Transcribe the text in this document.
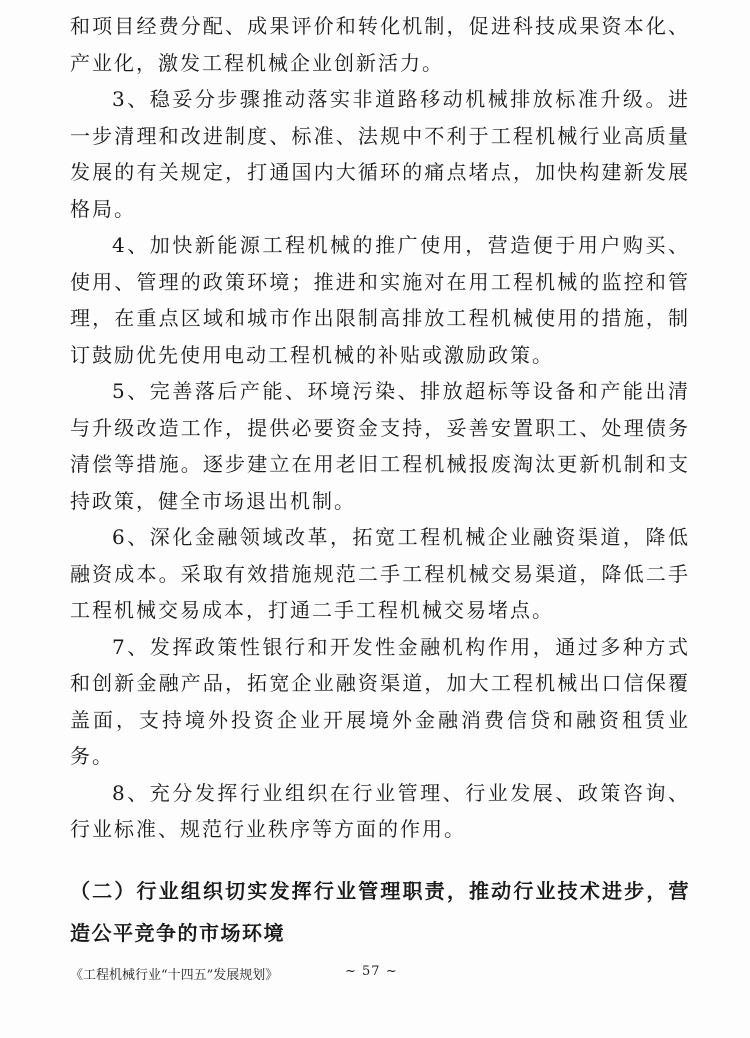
和项目经费分配、成果评价和转化机制，促进科技成果资本化、产业化，激发工程机械企业创新活力。

3、稳妥分步骤推动落实非道路移动机械排放标准升级。进一步清理和改进制度、标准、法规中不利于工程机械行业高质量发展的有关规定，打通国内大循环的痛点堵点，加快构建新发展格局。

4、加快新能源工程机械的推广使用，营造便于用户购买、使用、管理的政策环境；推进和实施对在用工程机械的监控和管理，在重点区域和城市作出限制高排放工程机械使用的措施，制订鼓励优先使用电动工程机械的补贴或激励政策。

5、完善落后产能、环境污染、排放超标等设备和产能出清与升级改造工作，提供必要资金支持，妥善安置职工、处理债务清偿等措施。逐步建立在用老旧工程机械报废淘汰更新机制和支持政策，健全市场退出机制。

6、深化金融领域改革，拓宽工程机械企业融资渠道，降低融资成本。采取有效措施规范二手工程机械交易渠道，降低二手工程机械交易成本，打通二手工程机械交易堵点。

7、发挥政策性银行和开发性金融机构作用，通过多种方式和创新金融产品，拓宽企业融资渠道，加大工程机械出口信保覆盖面，支持境外投资企业开展境外金融消费信贷和融资租赁业务。

8、充分发挥行业组织在行业管理、行业发展、政策咨询、行业标准、规范行业秩序等方面的作用。

（二）行业组织切实发挥行业管理职责，推动行业技术进步，营造公平竞争的市场环境

《工程机械行业“十四五”发展规划》	~ 57 ~
